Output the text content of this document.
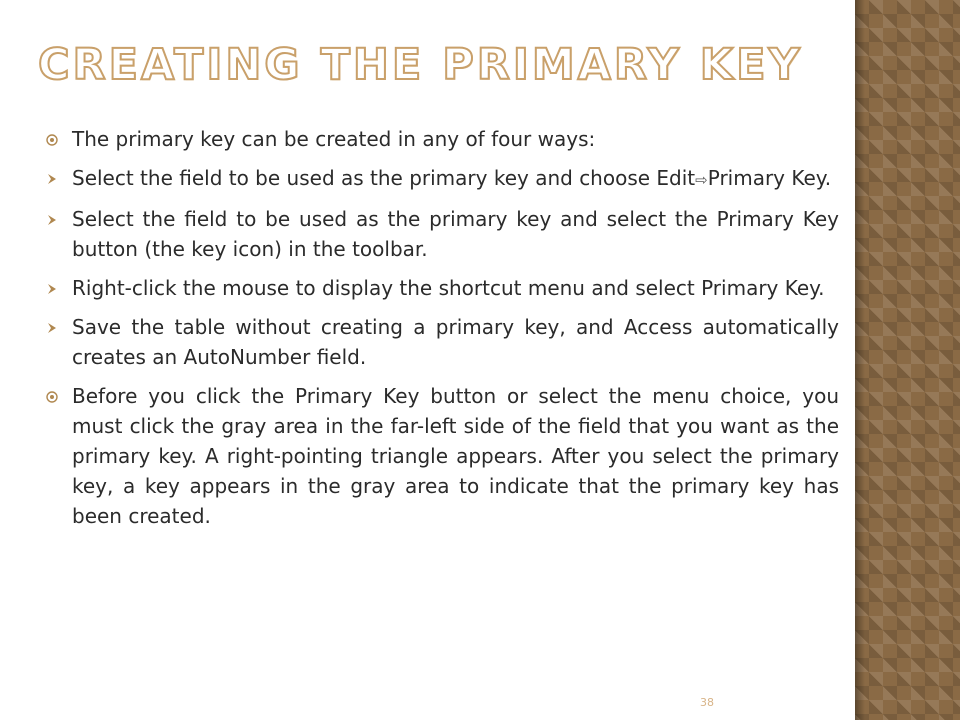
CREATING THE PRIMARY KEY
The primary key can be created in any of four ways:
Select the field to be used as the primary key and choose Edit⇨Primary Key.
Select the field to be used as the primary key and select the Primary Key button (the key icon) in the toolbar.
Right-click the mouse to display the shortcut menu and select Primary Key.
Save the table without creating a primary key, and Access automatically creates an AutoNumber field.
Before you click the Primary Key button or select the menu choice, you must click the gray area in the far-left side of the field that you want as the primary key. A right-pointing triangle appears. After you select the primary key, a key appears in the gray area to indicate that the primary key has been created.
38
